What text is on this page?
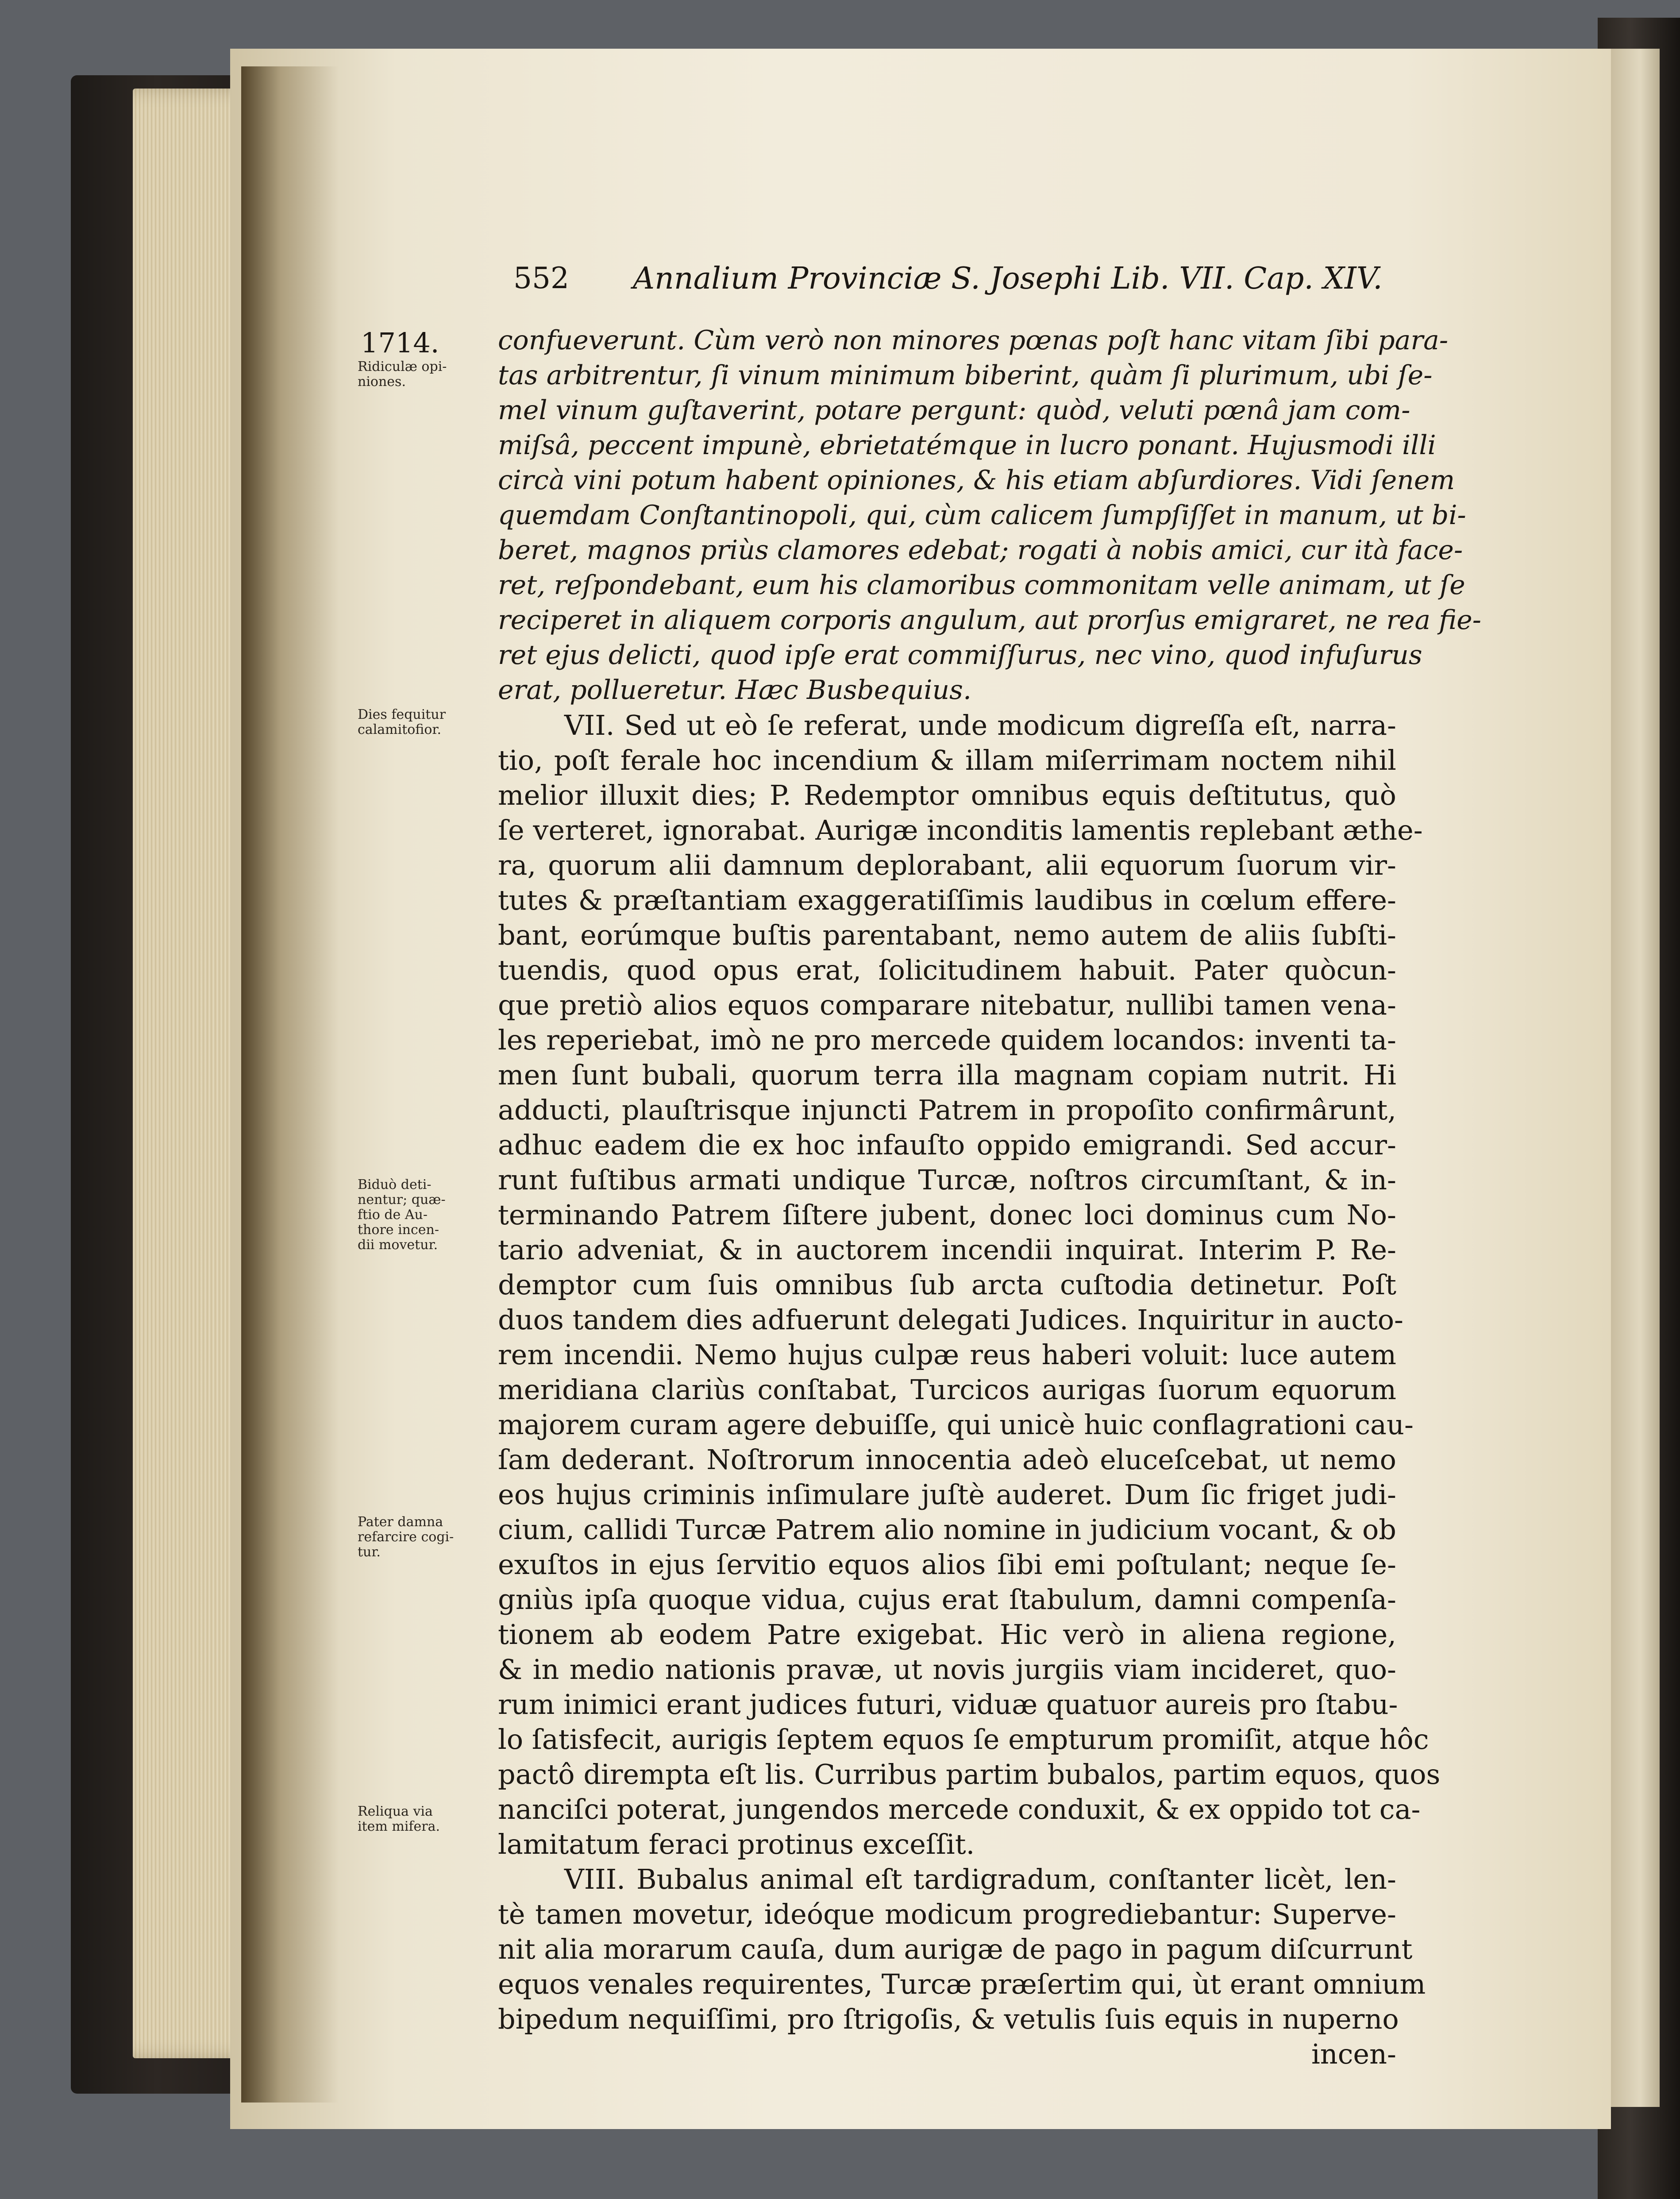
552 Annalium Provinciæ S. Josephi Lib. VII. Cap. XIV.
1714.
Ridiculæ opi-
niones.
Dies fequitur
calamitofior.
Biduò deti-
nentur; quæ-
ftio de Au-
thore incen-
dii movetur.
Pater damna
refarcire cogi-
tur.
Reliqua via
item mifera.
confueverunt. Cùm verò non minores pœnas poſt hanc vitam ſibi para-
tas arbitrentur, ſi vinum minimum biberint, quàm ſi plurimum, ubi ſe-
mel vinum guſtaverint, potare pergunt: quòd, veluti pœnâ jam com-
miſsâ, peccent impunè, ebrietatémque in lucro ponant. Hujusmodi illi
circà vini potum habent opiniones, & his etiam abſurdiores. Vidi ſenem
quemdam Conſtantinopoli, qui, cùm calicem ſumpſiſſet in manum, ut bi-
beret, magnos priùs clamores edebat; rogati à nobis amici, cur ità face-
ret, reſpondebant, eum his clamoribus commonitam velle animam, ut ſe
reciperet in aliquem corporis angulum, aut prorſus emigraret, ne rea fie-
ret ejus delicti, quod ipſe erat commiſſurus, nec vino, quod infuſurus
erat, pollueretur. Hæc Busbequius.
VII. Sed ut eò ſe referat, unde modicum digreſſa eſt, narra-
tio, poſt ferale hoc incendium & illam miſerrimam noctem nihil
melior illuxit dies; P. Redemptor omnibus equis deſtitutus, quò
ſe verteret, ignorabat. Aurigæ inconditis lamentis replebant æthe-
ra, quorum alii damnum deplorabant, alii equorum ſuorum vir-
tutes & præſtantiam exaggeratiſſimis laudibus in cœlum effere-
bant, eorúmque buſtis parentabant, nemo autem de aliis ſubſti-
tuendis, quod opus erat, ſolicitudinem habuit. Pater quòcun-
que pretiò alios equos comparare nitebatur, nullibi tamen vena-
les reperiebat, imò ne pro mercede quidem locandos: inventi ta-
men ſunt bubali, quorum terra illa magnam copiam nutrit. Hi
adducti, plauſtrisque injuncti Patrem in propoſito confirmârunt,
adhuc eadem die ex hoc infauſto oppido emigrandi. Sed accur-
runt fuſtibus armati undique Turcæ, noſtros circumſtant, & in-
terminando Patrem ſiſtere jubent, donec loci dominus cum No-
tario adveniat, & in auctorem incendii inquirat. Interim P. Re-
demptor cum ſuis omnibus ſub arcta cuſtodia detinetur. Poſt
duos tandem dies adfuerunt delegati Judices. Inquiritur in aucto-
rem incendii. Nemo hujus culpæ reus haberi voluit: luce autem
meridiana clariùs conſtabat, Turcicos aurigas ſuorum equorum
majorem curam agere debuiſſe, qui unicè huic conflagrationi cau-
ſam dederant. Noſtrorum innocentia adeò eluceſcebat, ut nemo
eos hujus criminis inſimulare juſtè auderet. Dum ſic friget judi-
cium, callidi Turcæ Patrem alio nomine in judicium vocant, & ob
exuſtos in ejus ſervitio equos alios ſibi emi poſtulant; neque ſe-
gniùs ipſa quoque vidua, cujus erat ſtabulum, damni compenſa-
tionem ab eodem Patre exigebat. Hic verò in aliena regione,
& in medio nationis pravæ, ut novis jurgiis viam incideret, quo-
rum inimici erant judices futuri, viduæ quatuor aureis pro ſtabu-
lo ſatisfecit, aurigis ſeptem equos ſe empturum promiſit, atque hôc
pactô dirempta eſt lis. Curribus partim bubalos, partim equos, quos
nanciſci poterat, jungendos mercede conduxit, & ex oppido tot ca-
lamitatum feraci protinus exceſſit.
VIII. Bubalus animal eſt tardigradum, conſtanter licèt, len-
tè tamen movetur, ideóque modicum progrediebantur: Superve-
nit alia morarum cauſa, dum aurigæ de pago in pagum diſcurrunt
equos venales requirentes, Turcæ præſertim qui, ùt erant omnium
bipedum nequiſſimi, pro ſtrigoſis, & vetulis ſuis equis in nuperno
incen-
